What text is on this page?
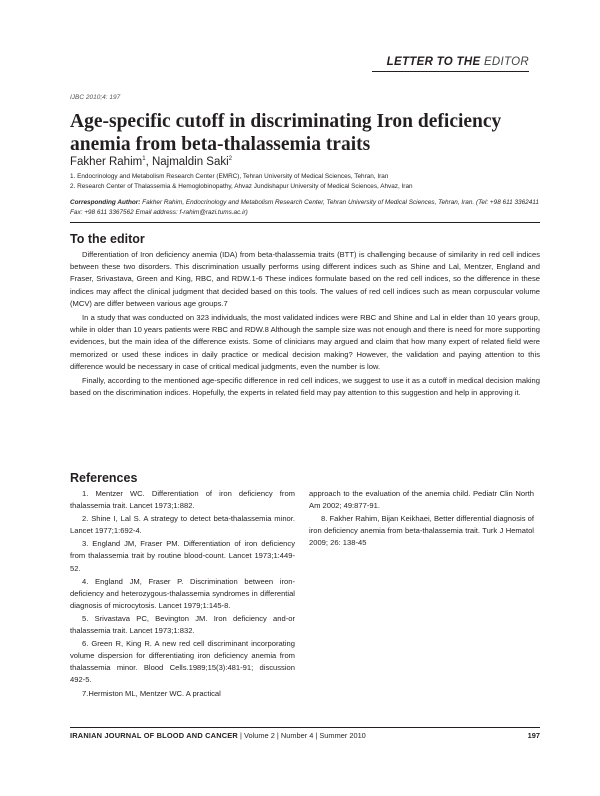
LETTER TO THE EDITOR
IJBC 2010;4: 197
Age-specific cutoff in discriminating Iron deficiency anemia from beta-thalassemia traits
Fakher Rahim$^1$, Najmaldin Saki$^2$
1. Endocrinology and Metabolism Research Center (EMRC), Tehran University of Medical Sciences, Tehran, Iran
2. Research Center of Thalassemia & Hemoglobinopathy, Ahvaz Jundishapur University of Medical Sciences, Ahvaz, Iran
Corresponding Author: Fakher Rahim, Endocrinology and Metabolism Research Center, Tehran University of Medical Sciences, Tehran, Iran. (Tel: +98 611 3362411 Fax: +98 611 3367562 Email address: f-rahim@razi.tums.ac.ir)
To the editor

Differentiation of Iron deficiency anemia (IDA) from beta-thalassemia traits (BTT) is challenging because of similarity in red cell indices between these two disorders. This discrimination usually performs using different indices such as Shine and Lal, Mentzer, England and Fraser, Srivastava, Green and King, RBC, and RDW.1-6 These indices formulate based on the red cell indices, so the difference in these indices may affect the clinical judgment that decided based on this tools. The values of red cell indices such as mean corpuscular volume (MCV) are differ between various age groups.7

In a study that was conducted on 323 individuals, the most validated indices were RBC and Shine and Lal in elder than 10 years group, while in older than 10 years patients were RBC and RDW.8 Although the sample size was not enough and there is need for more supporting evidences, but the main idea of the difference exists. Some of clinicians may argued and claim that how many expert of related field were memorized or used these indices in daily practice or medical decision making? However, the validation and paying attention to this difference would be necessary in case of critical medical judgments, even the number is low.

Finally, according to the mentioned age-specific difference in red cell indices, we suggest to use it as a cutoff in medical decision making based on the discrimination indices. Hopefully, the experts in related field may pay attention to this suggestion and help in approving it.

References

1. Mentzer WC. Differentiation of iron deficiency from thalassemia trait. Lancet 1973;1:882.

2. Shine I, Lal S. A strategy to detect beta-thalassemia minor. Lancet 1977;1:692-4.

3. England JM, Fraser PM. Differentiation of iron deficiency from thalassemia trait by routine blood-count. Lancet 1973;1:449-52.

4. England JM, Fraser P. Discrimination between iron-deficiency and heterozygous-thalassemia syndromes in differential diagnosis of microcytosis. Lancet 1979;1:145-8.

5. Srivastava PC, Bevington JM. Iron deficiency and-or thalassemia trait. Lancet 1973;1:832.

6. Green R, King R. A new red cell discriminant incorporating volume dispersion for differentiating iron deficiency anemia from thalassemia minor. Blood Cells.1989;15(3):481-91; discussion 492-5.

7.Hermiston ML, Mentzer WC. A practical

approach to the evaluation of the anemia child. Pediatr Clin North Am 2002; 49:877-91.

8. Fakher Rahim, Bijan Keikhaei, Better differential diagnosis of iron deficiency anemia from beta-thalassemia trait. Turk J Hematol 2009; 26: 138-45

IRANIAN JOURNAL OF BLOOD AND CANCER | Volume 2 | Number 4 | Summer 2010	197
